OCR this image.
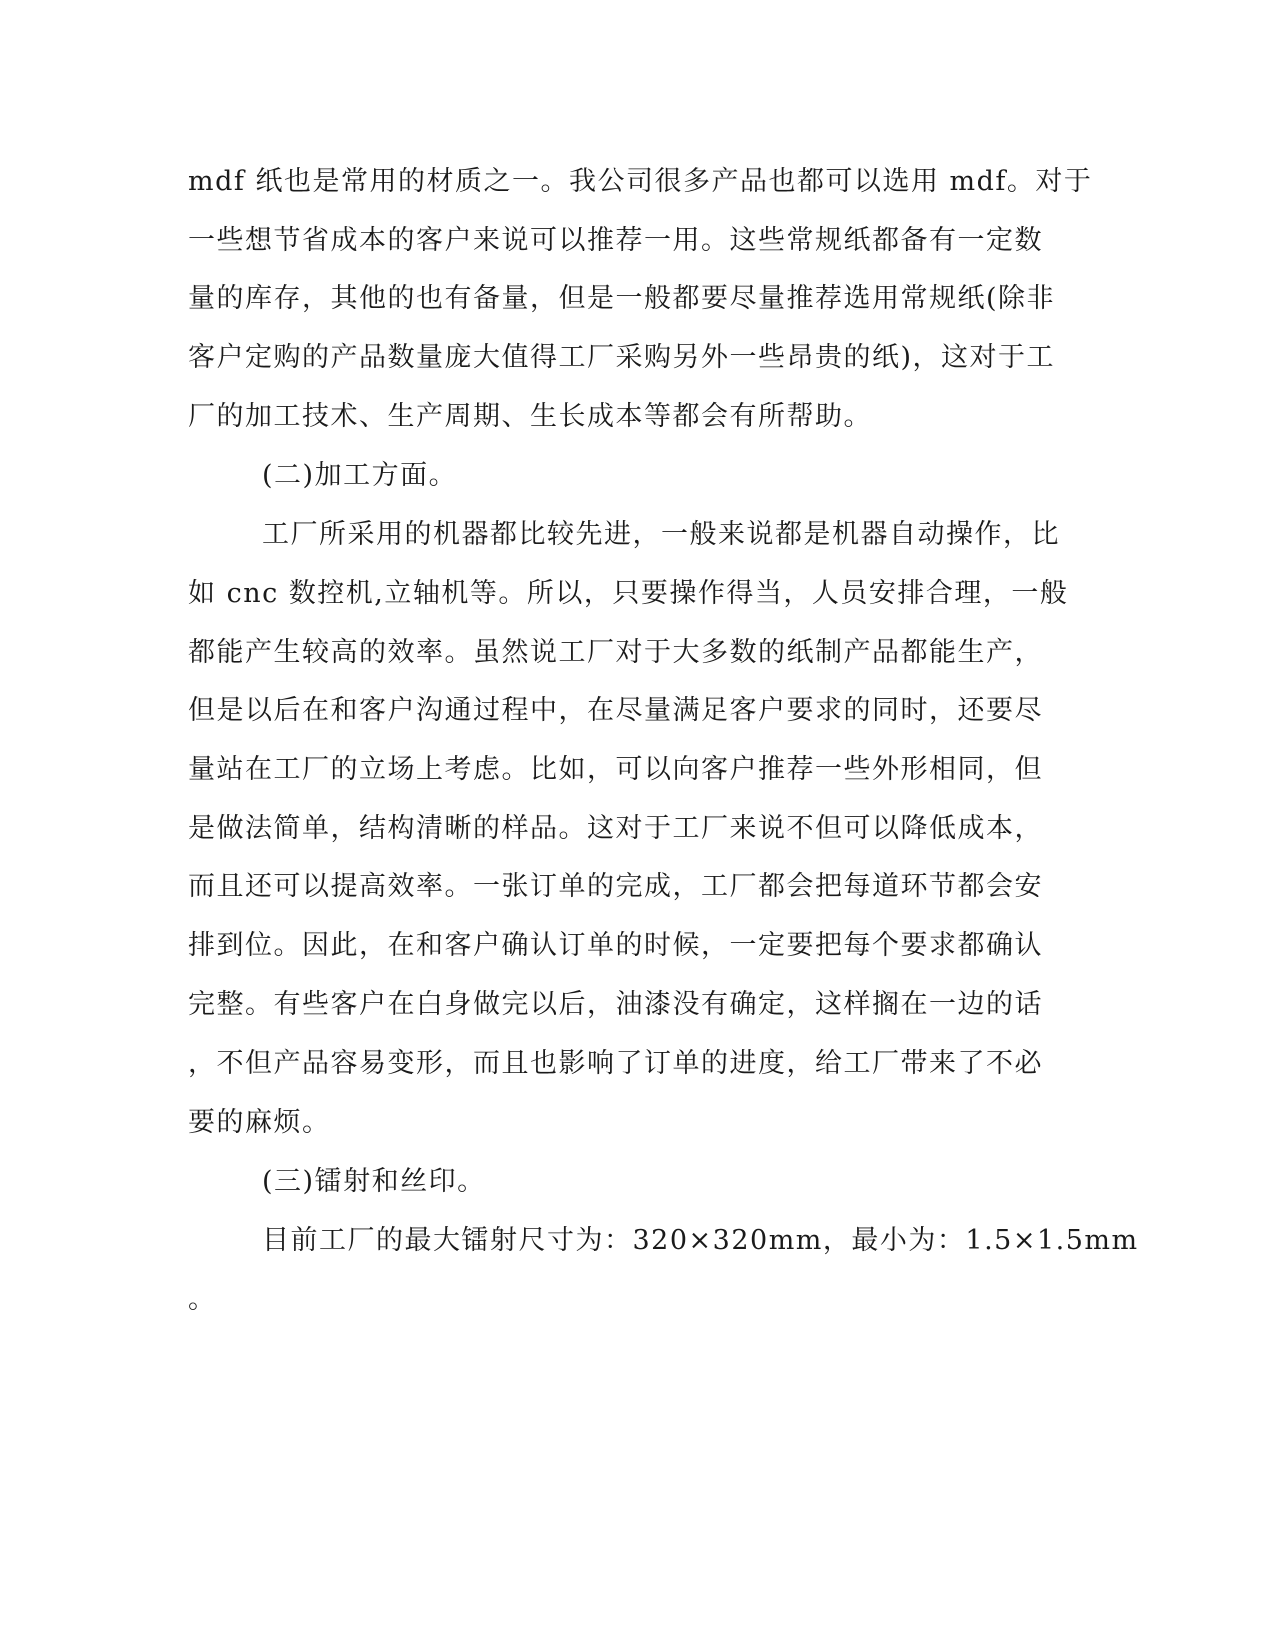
mdf 纸也是常用的材质之一。我公司很多产品也都可以选用 mdf。对于
一些想节省成本的客户来说可以推荐一用。这些常规纸都备有一定数
量的库存，其他的也有备量，但是一般都要尽量推荐选用常规纸(除非
客户定购的产品数量庞大值得工厂采购另外一些昂贵的纸)，这对于工
厂的加工技术、生产周期、生长成本等都会有所帮助。
(二)加工方面。
工厂所采用的机器都比较先进，一般来说都是机器自动操作，比
如 cnc 数控机,立轴机等。所以，只要操作得当，人员安排合理，一般
都能产生较高的效率。虽然说工厂对于大多数的纸制产品都能生产，
但是以后在和客户沟通过程中，在尽量满足客户要求的同时，还要尽
量站在工厂的立场上考虑。比如，可以向客户推荐一些外形相同，但
是做法简单，结构清晰的样品。这对于工厂来说不但可以降低成本，
而且还可以提高效率。一张订单的完成，工厂都会把每道环节都会安
排到位。因此，在和客户确认订单的时候，一定要把每个要求都确认
完整。有些客户在白身做完以后，油漆没有确定，这样搁在一边的话
，不但产品容易变形，而且也影响了订单的进度，给工厂带来了不必
要的麻烦。
(三)镭射和丝印。
目前工厂的最大镭射尺寸为：320×320mm，最小为：1.5×1.5mm
。
